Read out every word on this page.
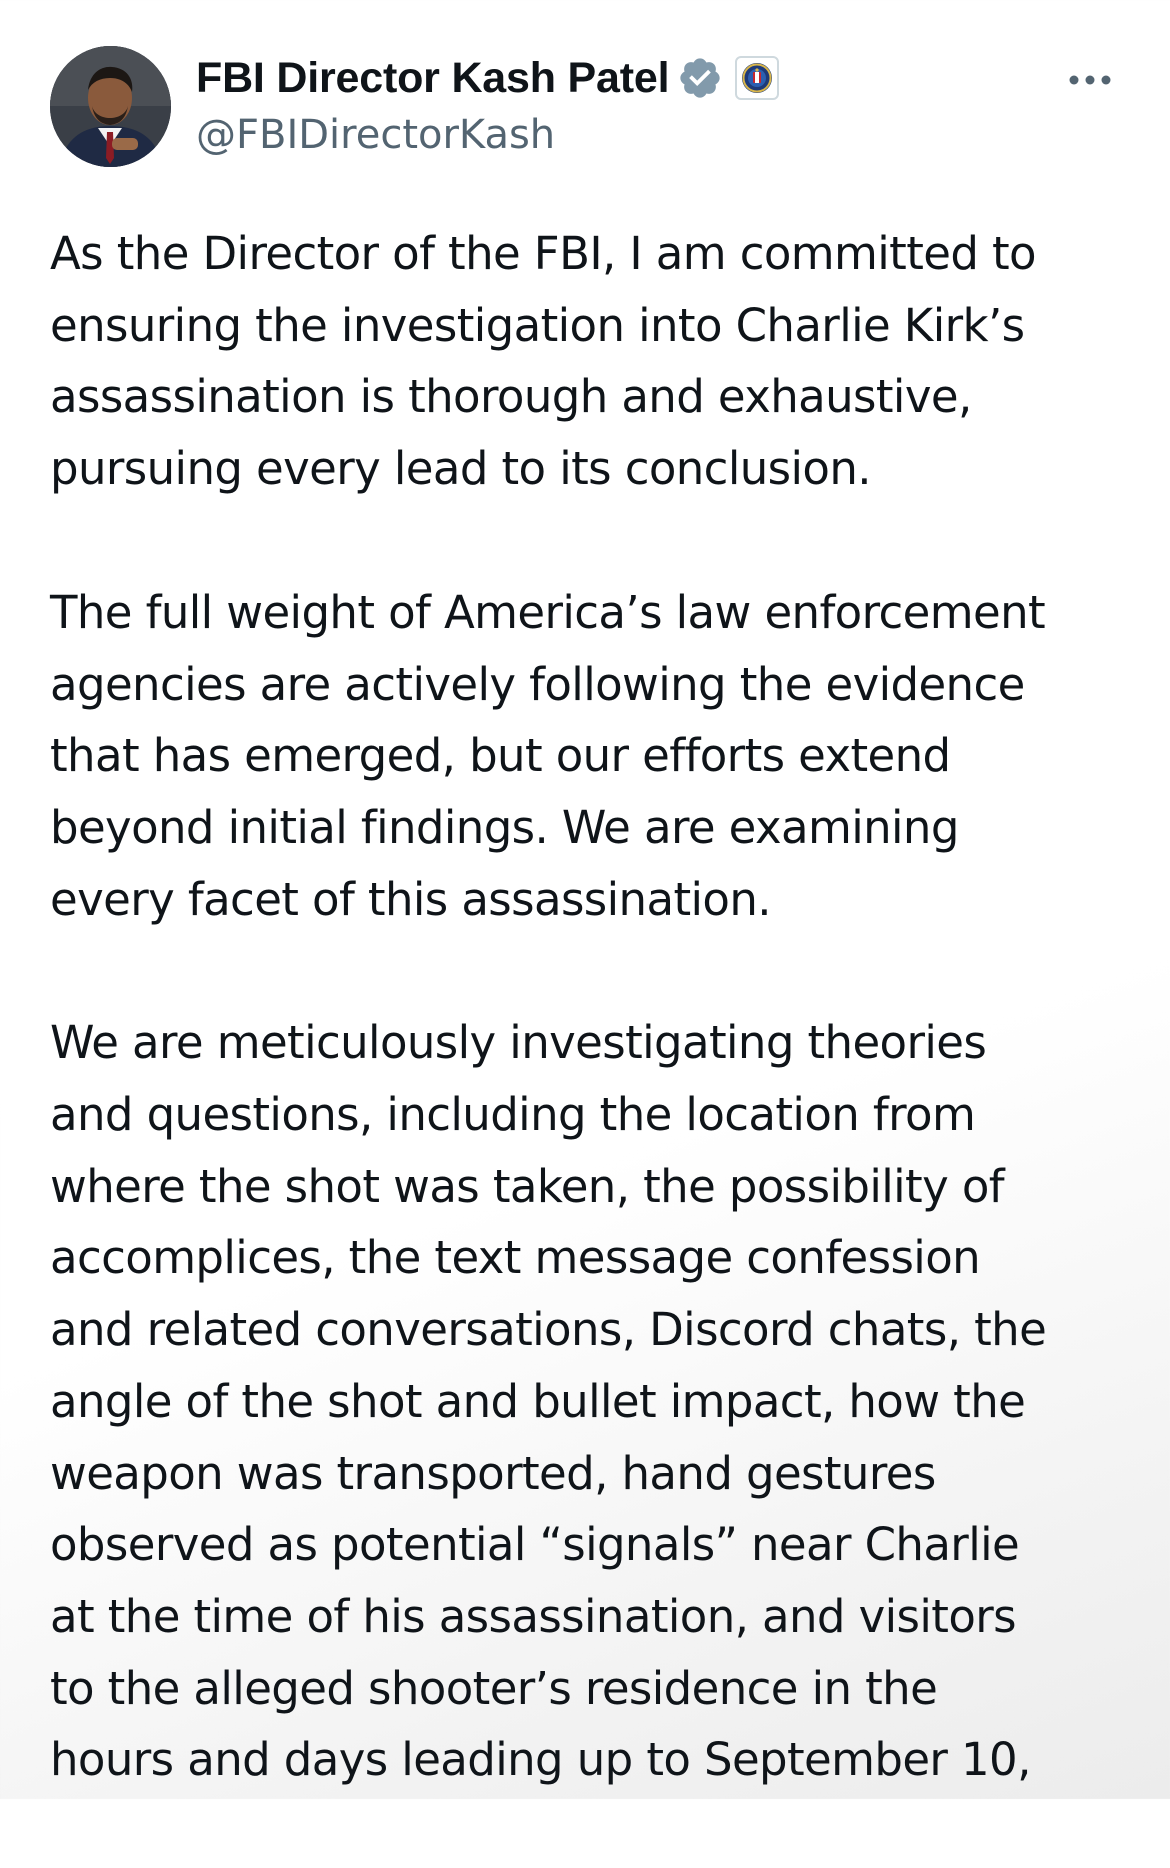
FBI Director Kash Patel
@FBIDirectorKash

As the Director of the FBI, I am committed to
ensuring the investigation into Charlie Kirk’s
assassination is thorough and exhaustive,
pursuing every lead to its conclusion.

The full weight of America’s law enforcement
agencies are actively following the evidence
that has emerged, but our efforts extend
beyond initial findings. We are examining
every facet of this assassination.

We are meticulously investigating theories
and questions, including the location from
where the shot was taken, the possibility of
accomplices, the text message confession
and related conversations, Discord chats, the
angle of the shot and bullet impact, how the
weapon was transported, hand gestures
observed as potential “signals” near Charlie
at the time of his assassination, and visitors
to the alleged shooter’s residence in the
hours and days leading up to September 10,
